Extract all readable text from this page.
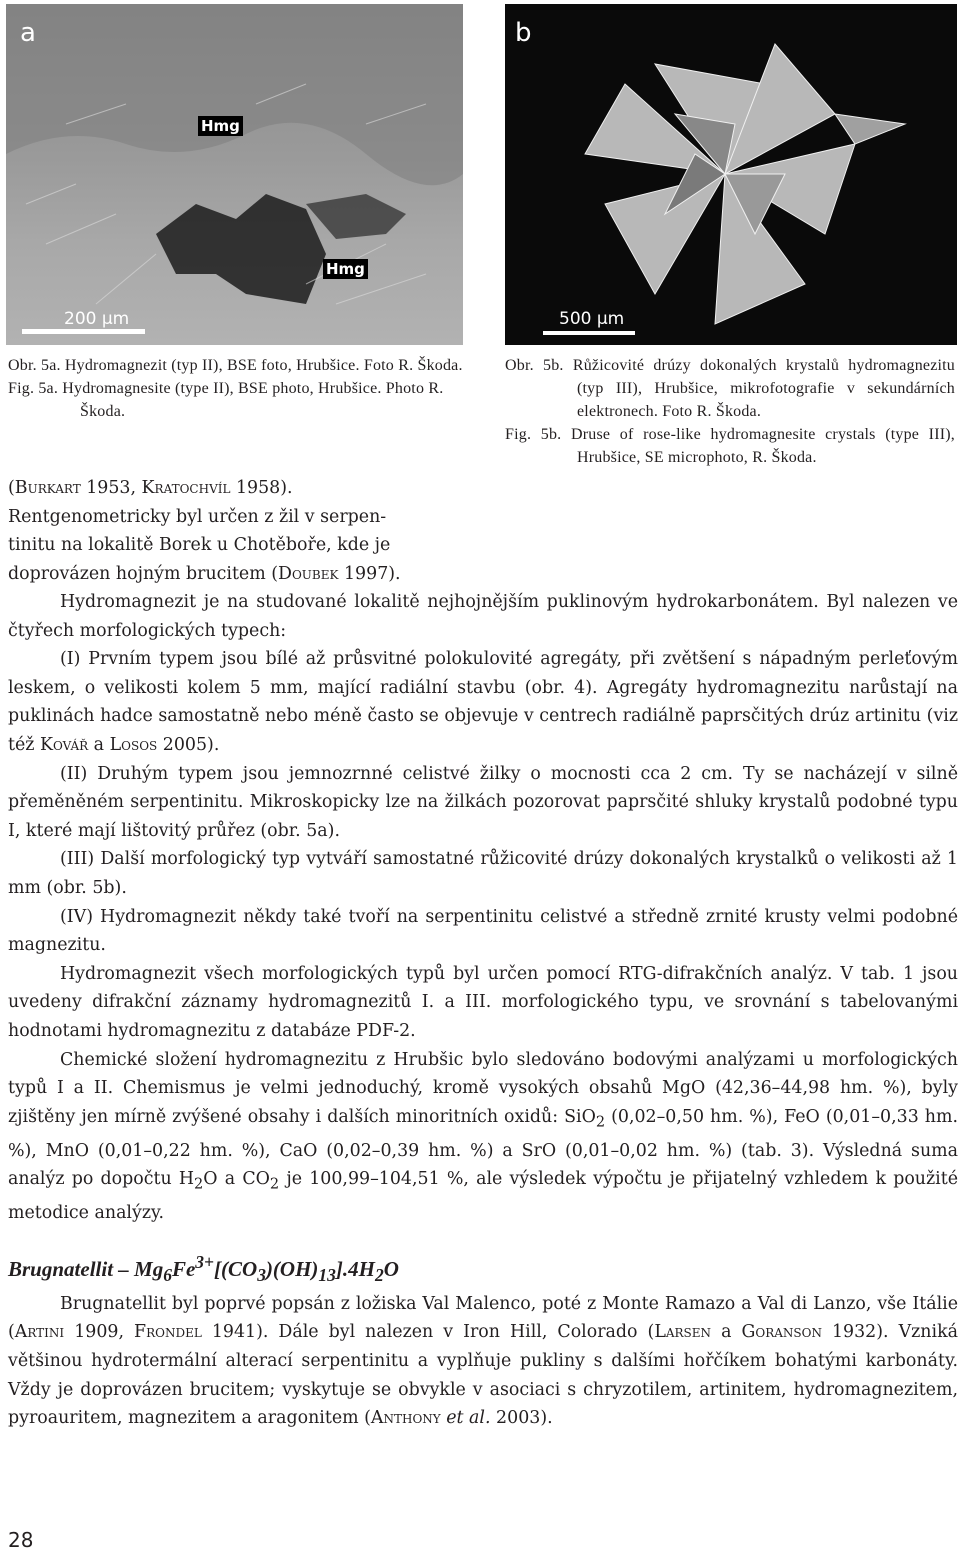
a
Hmg
Hmg
200 µm
b
500 µm
Obr. 5a. Hydromagnezit (typ II), BSE foto, Hrubšice. Foto R. Škoda.
Fig. 5a. Hydromagnesite (type II), BSE photo, Hrubšice. Photo R. Škoda.
Obr. 5b. Růžicovité drúzy dokonalých krystalů hydromagnezitu (typ III), Hrubšice, mikrofotografie v sekundárních elektronech. Foto R. Škoda.
Fig. 5b. Druse of rose-like hydromagnesite crystals (type III), Hrubšice, SE microphoto, R. Škoda.
(Burkart 1953, Kratochvíl 1958).
Rentgenometricky byl určen z žil v serpen-
tinitu na lokalitě Borek u Chotěboře, kde je
doprovázen hojným brucitem (Doubek 1997).

Hydromagnezit je na studované lokalitě nejhojnějším puklinovým hydrokarbonátem. Byl nalezen ve čtyřech morfologických typech:

(I) Prvním typem jsou bílé až průsvitné polokulovité agregáty, při zvětšení s nápadným perleťovým leskem, o velikosti kolem 5 mm, mající radiální stavbu (obr. 4). Agregáty hydromagnezitu narůstají na puklinách hadce samostatně nebo méně často se objevuje v centrech radiálně paprsčitých drúz artinitu (viz též Kovář a Losos 2005).

(II) Druhým typem jsou jemnozrnné celistvé žilky o mocnosti cca 2 cm. Ty se nacházejí v silně přeměněném serpentinitu. Mikroskopicky lze na žilkách pozorovat paprsčité shluky krystalů podobné typu I, které mají lištovitý průřez (obr. 5a).

(III) Další morfologický typ vytváří samostatné růžicovité drúzy dokonalých krystalků o velikosti až 1 mm (obr. 5b).

(IV) Hydromagnezit někdy také tvoří na serpentinitu celistvé a středně zrnité krusty velmi podobné magnezitu.

Hydromagnezit všech morfologických typů byl určen pomocí RTG-difrakčních analýz. V tab. 1 jsou uvedeny difrakční záznamy hydromagnezitů I. a III. morfologického typu, ve srovnání s tabelovanými hodnotami hydromagnezitu z databáze PDF-2.

Chemické složení hydromagnezitu z Hrubšic bylo sledováno bodovými analýzami u morfologických typů I a II. Chemismus je velmi jednoduchý, kromě vysokých obsahů MgO (42,36–44,98 hm. %), byly zjištěny jen mírně zvýšené obsahy i dalších minoritních oxidů: SiO$_2$ (0,02–0,50 hm. %), FeO (0,01–0,33 hm. %), MnO (0,01–0,22 hm. %), CaO (0,02–0,39 hm. %) a SrO (0,01–0,02 hm. %) (tab. 3). Výsledná suma analýz po dopočtu $H_2O$ a $CO_2$ je 100,99–104,51 %, ale výsledek výpočtu je přijatelný vzhledem k použité metodice analýzy.

Brugnatellit – $Mg_6Fe^{3+}[(CO_3)(OH)_{13}].4H_2O$

Brugnatellit byl poprvé popsán z ložiska Val Malenco, poté z Monte Ramazo a Val di Lanzo, vše Itálie (Artini 1909, Frondel 1941). Dále byl nalezen v Iron Hill, Colorado (Larsen a Goranson 1932). Vzniká většinou hydrotermální alterací serpentinitu a vyplňuje pukliny s dalšími hořčíkem bohatými karbonáty. Vždy je doprovázen brucitem; vyskytuje se obvykle v asociaci s chryzotilem, artinitem, hydromagnezitem, pyroauritem, magnezitem a aragonitem (Anthony et al. 2003).

28
